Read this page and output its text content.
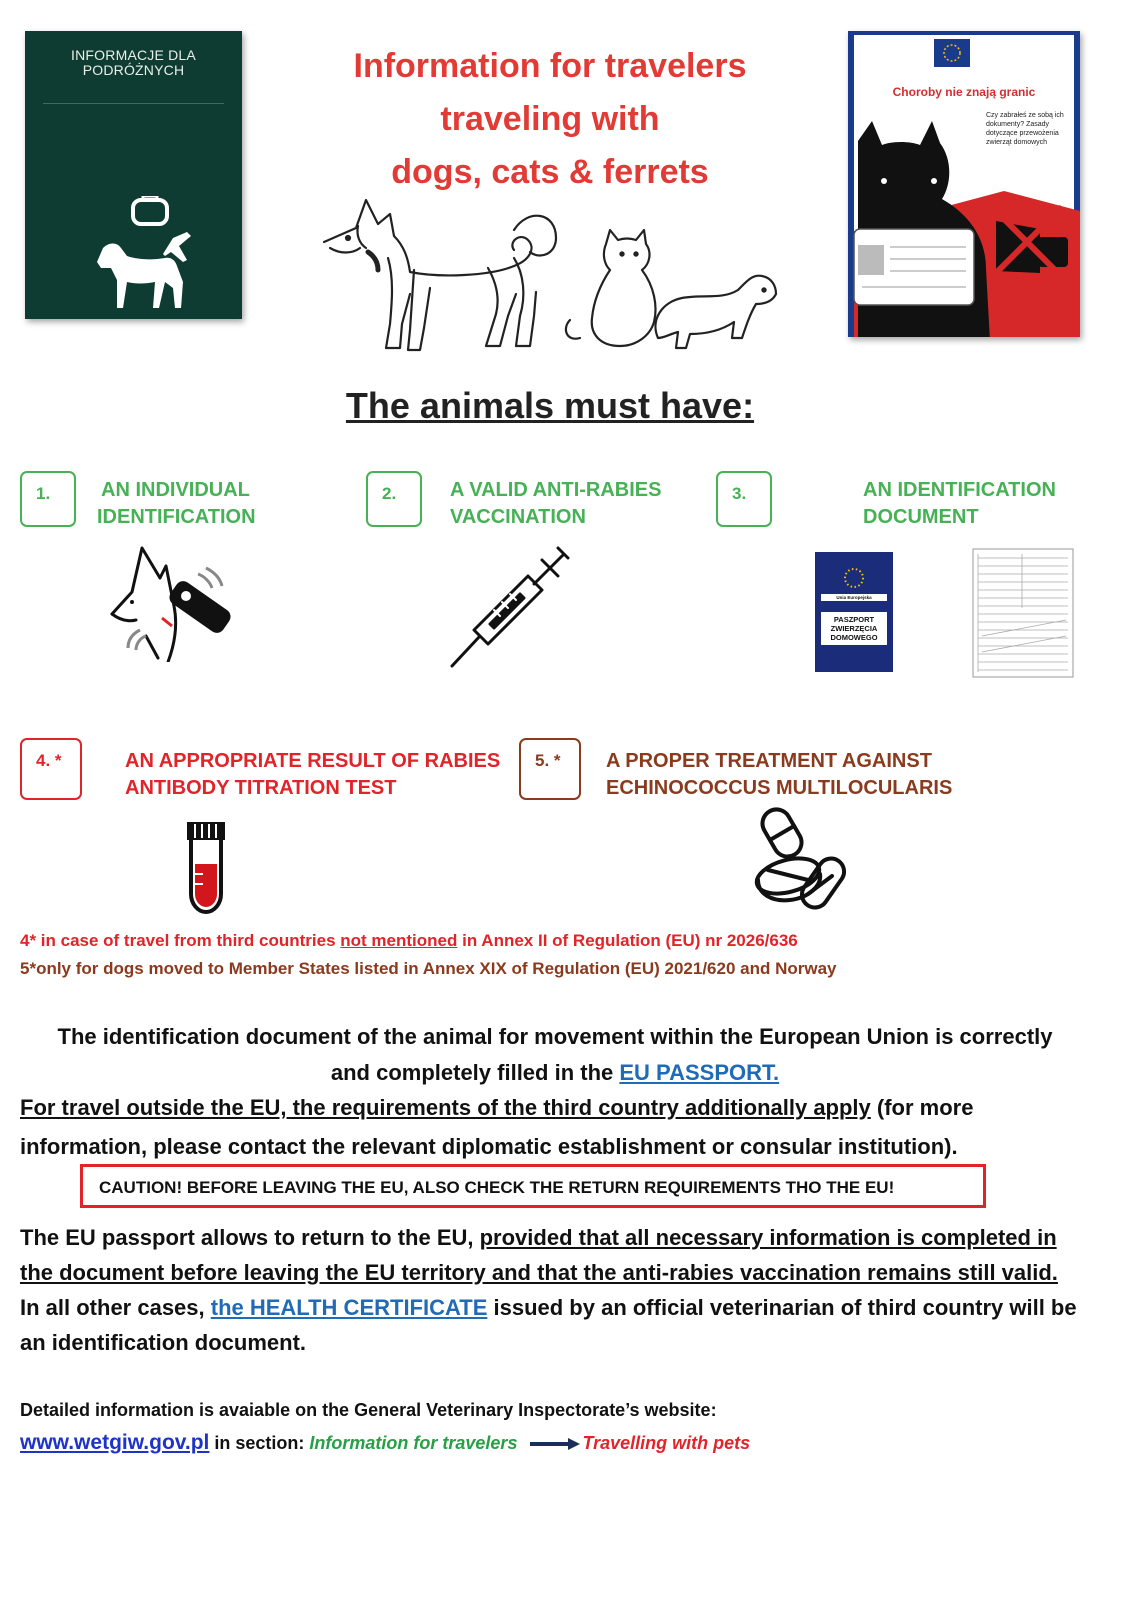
INFORMACJE DLA
PODRÓŻNYCH	Information for travelers
traveling with
dogs, cats & ferrets
Choroby nie znają granic
Czy zabrałeś ze sobą ich dokumenty? Zasady dotyczące przewożenia zwierząt domowych
The animals must have:
1.	AN INDIVIDUAL
IDENTIFICATION
2.	A VALID ANTI-RABIES
VACCINATION
3.	AN IDENTIFICATION
DOCUMENT
Unia Europejska
PASZPORT
ZWIERZĘCIA
DOMOWEGO
4. *	AN APPROPRIATE RESULT OF RABIES
ANTIBODY TITRATION TEST
5. *	A PROPER TREATMENT AGAINST
ECHINOCOCCUS MULTILOCULARIS
4* in case of travel from third countries not mentioned in Annex II of Regulation (EU) nr 2026/636
5*only for dogs moved to Member States listed in Annex XIX of Regulation (EU) 2021/620 and Norway
The identification document of the animal for movement within the European Union is correctly
and completely filled in the EU PASSPORT.
For travel outside the EU, the requirements of the third country additionally apply (for more
information, please contact the relevant diplomatic establishment or consular institution).
CAUTION! BEFORE LEAVING THE EU, ALSO CHECK THE RETURN REQUIREMENTS THO THE EU!
The EU passport allows to return to the EU, provided that all necessary information is completed in
the document before leaving the EU territory and that the anti-rabies vaccination remains still valid.
In all other cases, the HEALTH CERTIFICATE issued by an official veterinarian of third country will be
an identification document.
Detailed information is avaiable on the General Veterinary Inspectorate’s website:
www.wetgiw.gov.pl in section: Information for travelers	Travelling with pets
